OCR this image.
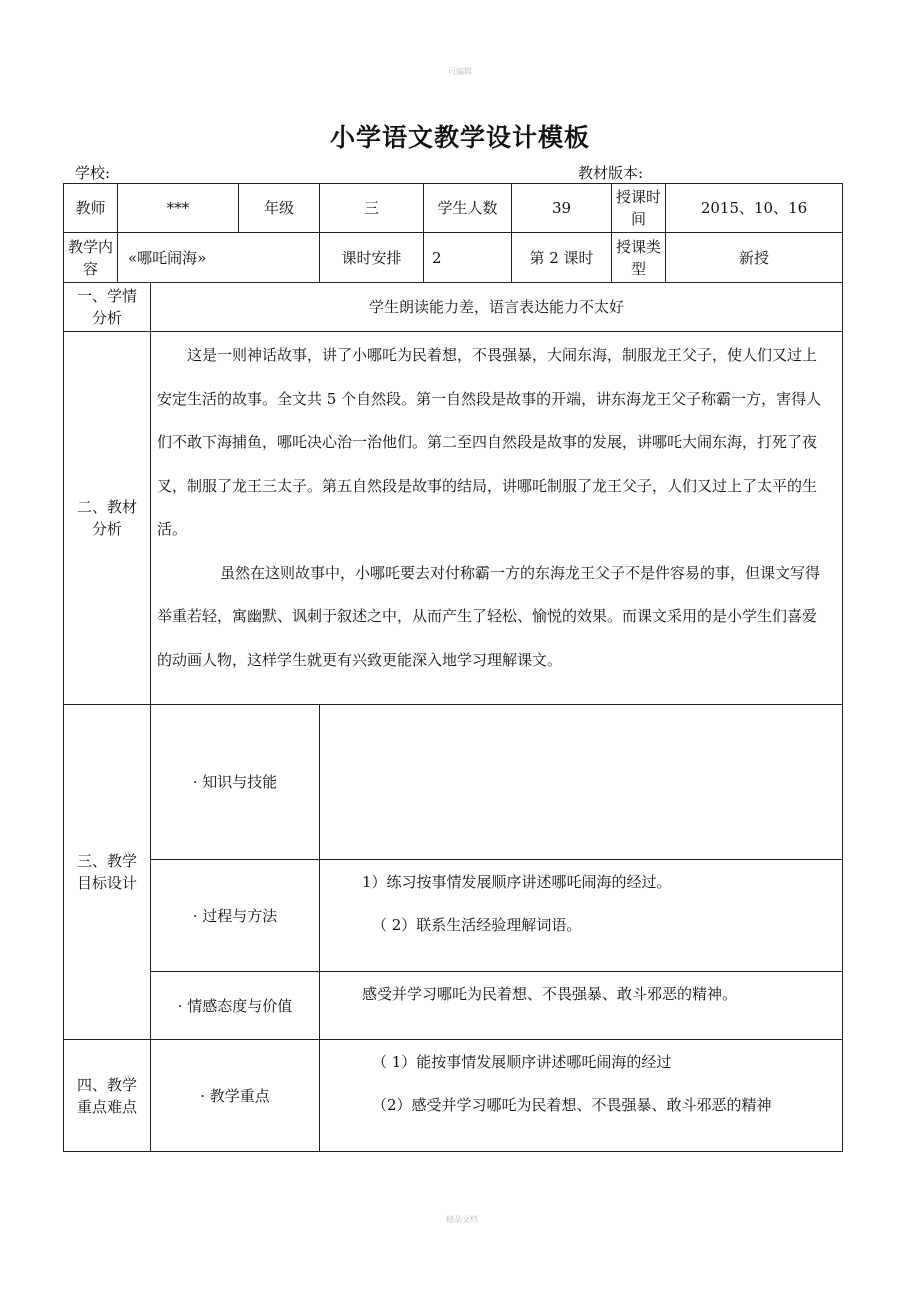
可编辑
小学语文教学设计模板
学校:	教材版本:
教师	***		年级	三	学生人数	39	授课时间	2015、10、16
教学内容	«哪吒闹海»			课时安排	2	第 2 课时	授课类型	新授
一、学情分析		学生朗读能力差，语言表达能力不太好						
二、教材分析		这是一则神话故事，讲了小哪吒为民着想，不畏强暴，大闹东海，制服龙王父子，使人们又过上安定生活的故事。全文共 5 个自然段。第一自然段是故事的开端，讲东海龙王父子称霸一方，害得人们不敢下海捕鱼，哪吒决心治一治他们。第二至四自然段是故事的发展，讲哪吒大闹东海，打死了夜叉，制服了龙王三太子。第五自然段是故事的结局，讲哪吒制服了龙王父子，人们又过上了太平的生活。

虽然在这则故事中，小哪吒要去对付称霸一方的东海龙王父子不是件容易的事，但课文写得举重若轻，寓幽默、讽刺于叙述之中，从而产生了轻松、愉悦的效果。而课文采用的是小学生们喜爱的动画人物，这样学生就更有兴致更能深入地学习理解课文。						

三、教学目标设计		· 知识与技能						
		· 过程与方法		1）练习按事情发展顺序讲述哪吒闹海的经过。

（ 2）联系生活经验理解词语。				

		· 情感态度与价值		感受并学习哪吒为民着想、不畏强暴、敢斗邪恶的精神。				

四、教学重点难点		· 教学重点		（ 1）能按事情发展顺序讲述哪吒闹海的经过

（2）感受并学习哪吒为民着想、不畏强暴、敢斗邪恶的精神				

精品文档
